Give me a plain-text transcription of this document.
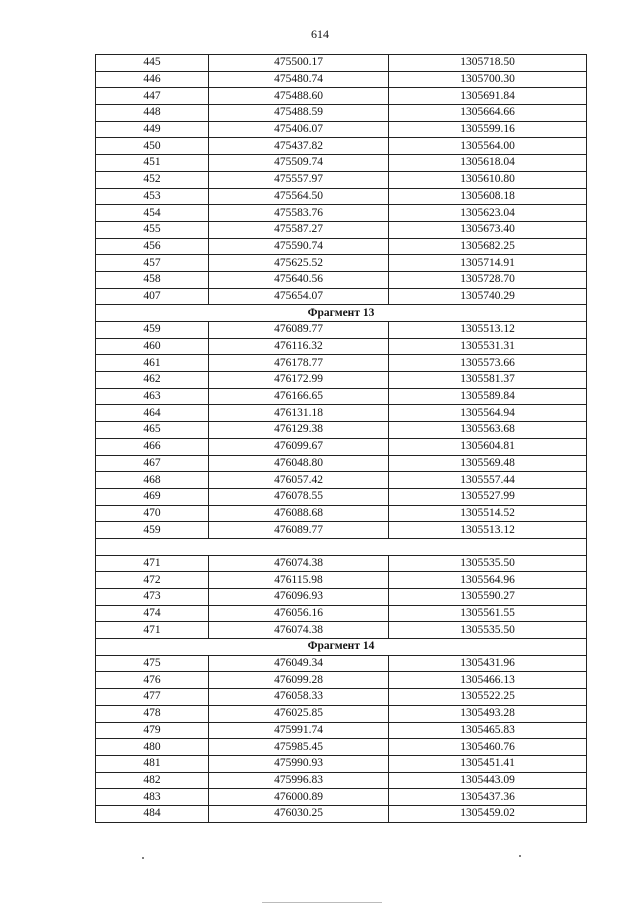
614
445	475500.17	1305718.50
446	475480.74	1305700.30
447	475488.60	1305691.84
448	475488.59	1305664.66
449	475406.07	1305599.16
450	475437.82	1305564.00
451	475509.74	1305618.04
452	475557.97	1305610.80
453	475564.50	1305608.18
454	475583.76	1305623.04
455	475587.27	1305673.40
456	475590.74	1305682.25
457	475625.52	1305714.91
458	475640.56	1305728.70
407	475654.07	1305740.29
Фрагмент 13		
459	476089.77	1305513.12
460	476116.32	1305531.31
461	476178.77	1305573.66
462	476172.99	1305581.37
463	476166.65	1305589.84
464	476131.18	1305564.94
465	476129.38	1305563.68
466	476099.67	1305604.81
467	476048.80	1305569.48
468	476057.42	1305557.44
469	476078.55	1305527.99
470	476088.68	1305514.52
459	476089.77	1305513.12

471	476074.38	1305535.50
472	476115.98	1305564.96
473	476096.93	1305590.27
474	476056.16	1305561.55
471	476074.38	1305535.50
Фрагмент 14		
475	476049.34	1305431.96
476	476099.28	1305466.13
477	476058.33	1305522.25
478	476025.85	1305493.28
479	475991.74	1305465.83
480	475985.45	1305460.76
481	475990.93	1305451.41
482	475996.83	1305443.09
483	476000.89	1305437.36
484	476030.25	1305459.02
